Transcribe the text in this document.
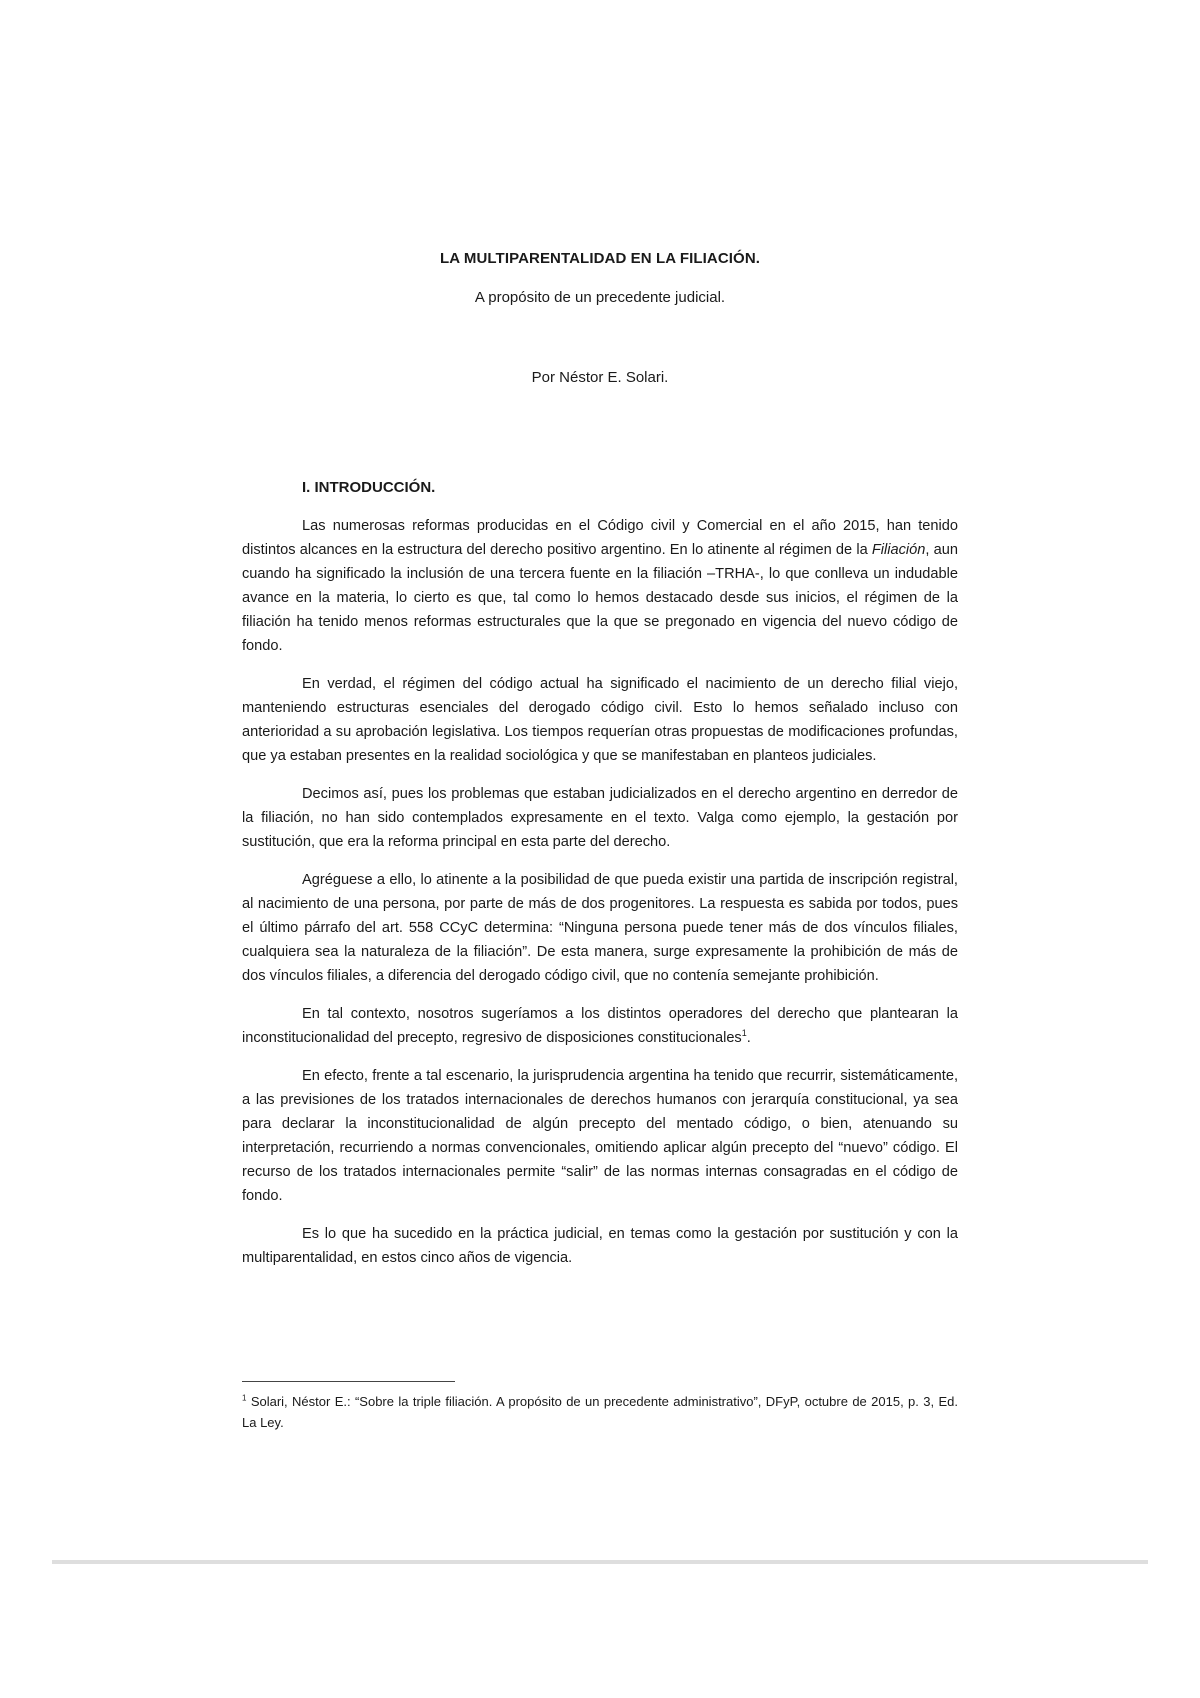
LA MULTIPARENTALIDAD EN LA FILIACIÓN.
A propósito de un precedente judicial.
Por Néstor E. Solari.
I. INTRODUCCIÓN.

Las numerosas reformas producidas en el Código civil y Comercial en el año 2015, han tenido distintos alcances en la estructura del derecho positivo argentino. En lo atinente al régimen de la Filiación, aun cuando ha significado la inclusión de una tercera fuente en la filiación –TRHA-, lo que conlleva un indudable avance en la materia, lo cierto es que, tal como lo hemos destacado desde sus inicios, el régimen de la filiación ha tenido menos reformas estructurales que la que se pregonado en vigencia del nuevo código de fondo.

En verdad, el régimen del código actual ha significado el nacimiento de un derecho filial viejo, manteniendo estructuras esenciales del derogado código civil. Esto lo hemos señalado incluso con anterioridad a su aprobación legislativa. Los tiempos requerían otras propuestas de modificaciones profundas, que ya estaban presentes en la realidad sociológica y que se manifestaban en planteos judiciales.

Decimos así, pues los problemas que estaban judicializados en el derecho argentino en derredor de la filiación, no han sido contemplados expresamente en el texto. Valga como ejemplo, la gestación por sustitución, que era la reforma principal en esta parte del derecho.

Agréguese a ello, lo atinente a la posibilidad de que pueda existir una partida de inscripción registral, al nacimiento de una persona, por parte de más de dos progenitores. La respuesta es sabida por todos, pues el último párrafo del art. 558 CCyC determina: “Ninguna persona puede tener más de dos vínculos filiales, cualquiera sea la naturaleza de la filiación”. De esta manera, surge expresamente la prohibición de más de dos vínculos filiales, a diferencia del derogado código civil, que no contenía semejante prohibición.

En tal contexto, nosotros sugeríamos a los distintos operadores del derecho que plantearan la inconstitucionalidad del precepto, regresivo de disposiciones constitucionales$^1$.

En efecto, frente a tal escenario, la jurisprudencia argentina ha tenido que recurrir, sistemáticamente, a las previsiones de los tratados internacionales de derechos humanos con jerarquía constitucional, ya sea para declarar la inconstitucionalidad de algún precepto del mentado código, o bien, atenuando su interpretación, recurriendo a normas convencionales, omitiendo aplicar algún precepto del “nuevo” código. El recurso de los tratados internacionales permite “salir” de las normas internas consagradas en el código de fondo.

Es lo que ha sucedido en la práctica judicial, en temas como la gestación por sustitución y con la multiparentalidad, en estos cinco años de vigencia.

$^1$ Solari, Néstor E.: “Sobre la triple filiación. A propósito de un precedente administrativo”, DFyP, octubre de 2015, p. 3, Ed. La Ley.
